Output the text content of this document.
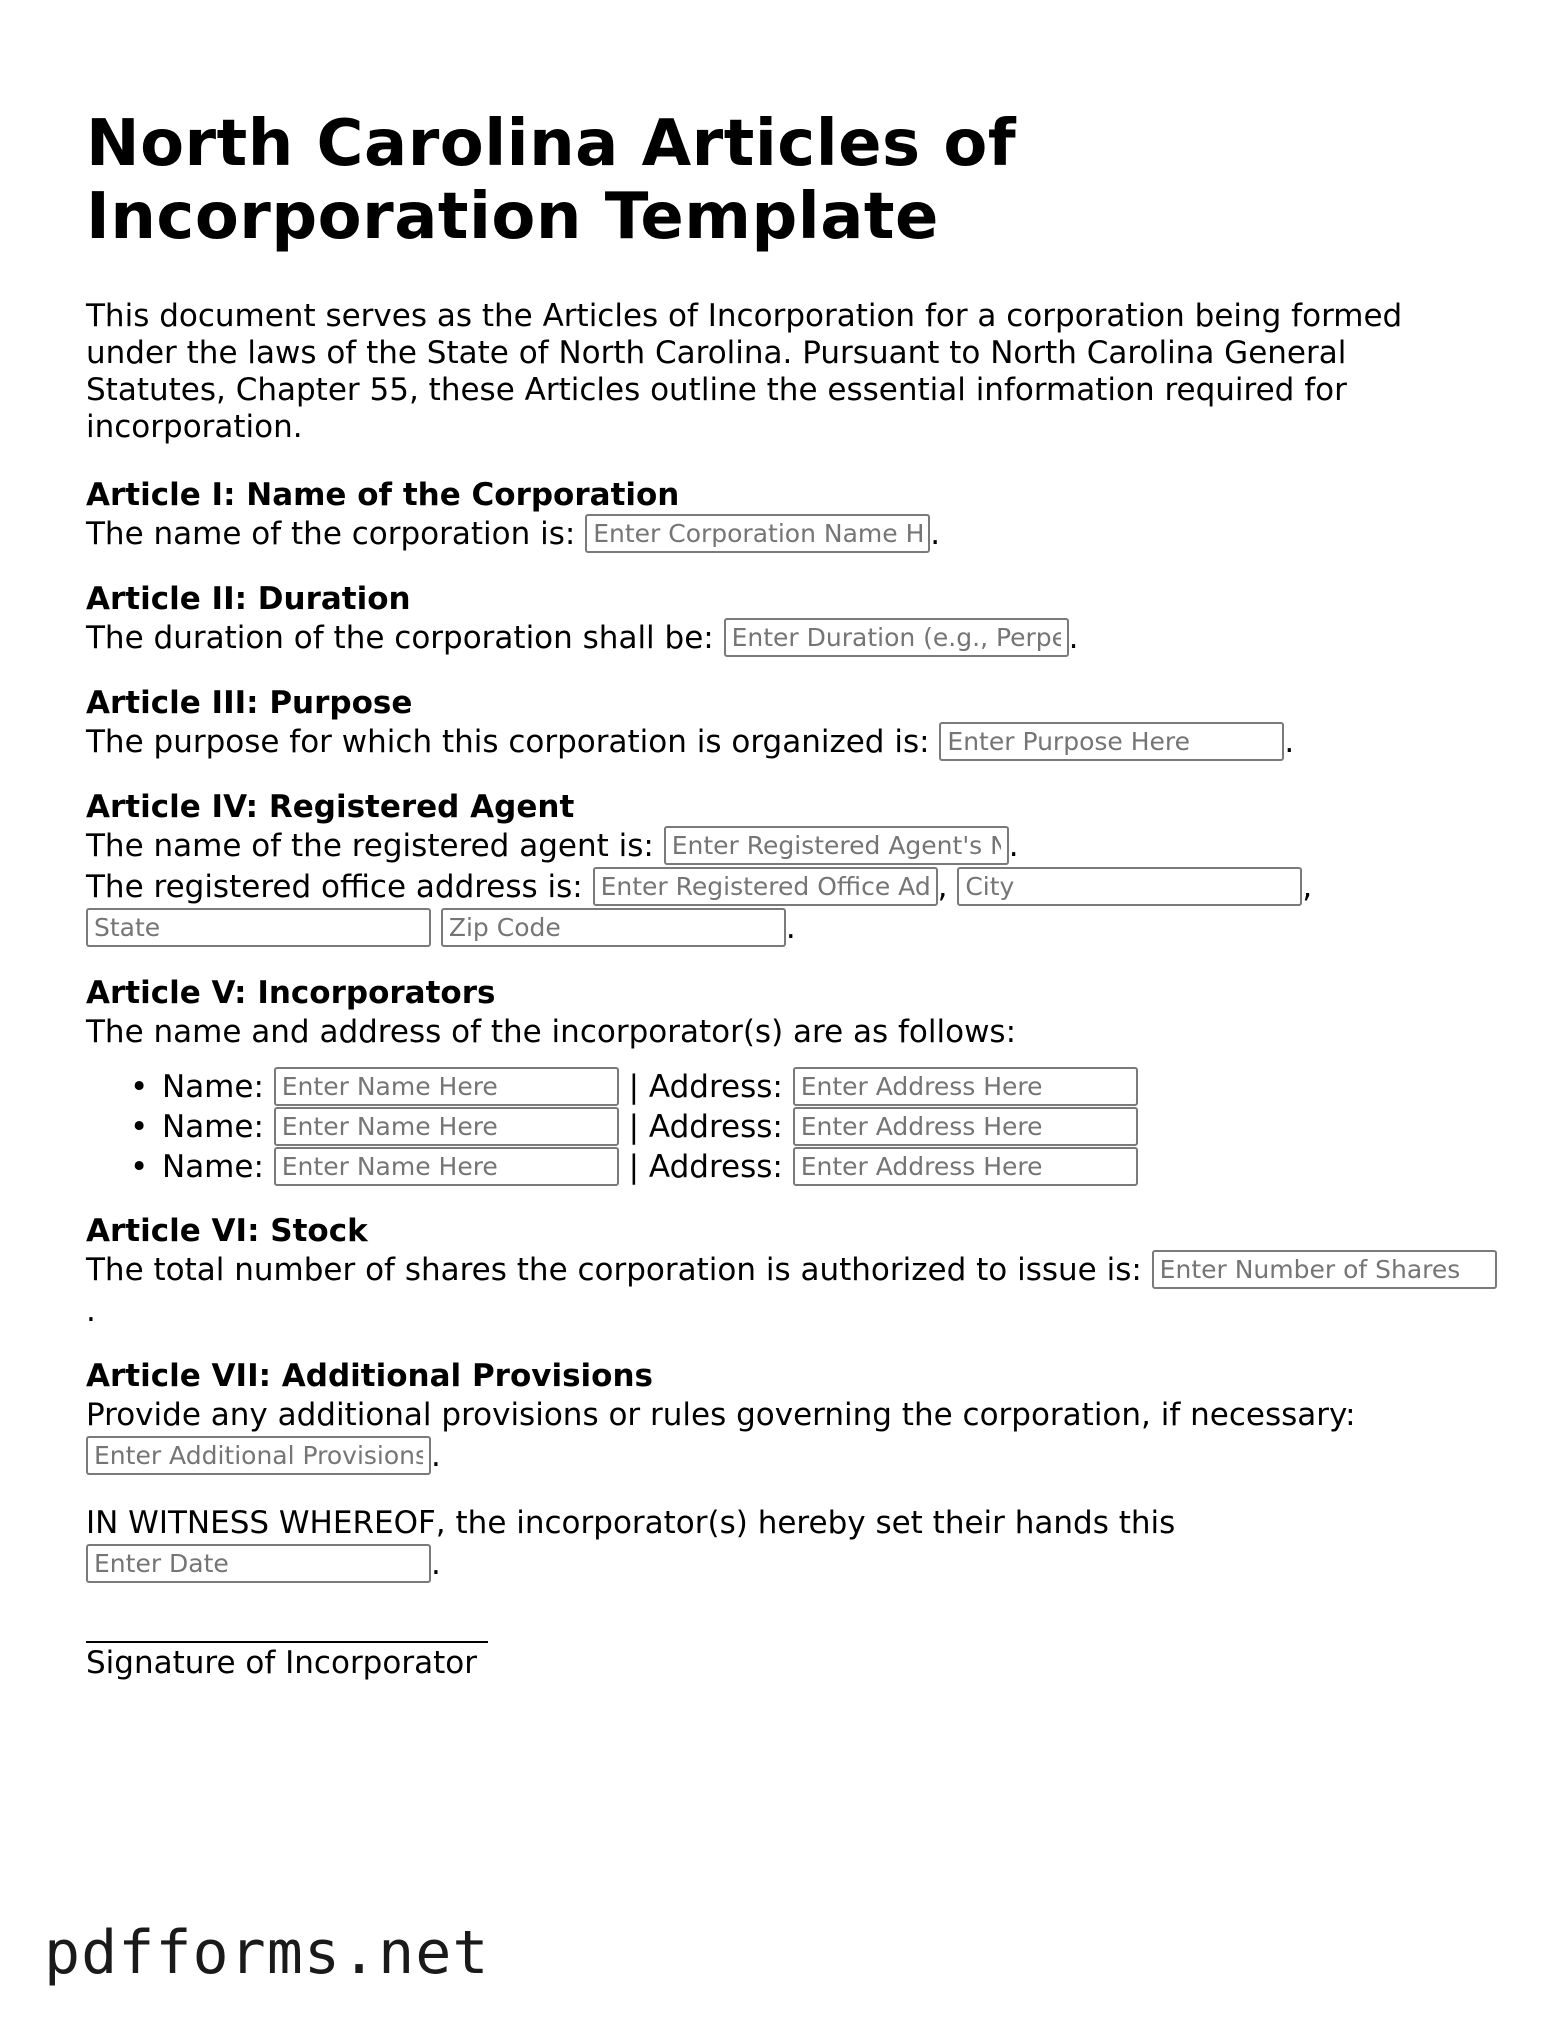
North Carolina Articles of Incorporation Template

This document serves as the Articles of Incorporation for a corporation being formed under the laws of the State of North Carolina. Pursuant to North Carolina General Statutes, Chapter 55, these Articles outline the essential information required for incorporation.

Article I: Name of the Corporation

The name of the corporation is: Enter Corporation Name Here	.

Article II: Duration

The duration of the corporation shall be: Enter Duration (e.g., Perpetual)	.

Article III: Purpose

The purpose for which this corporation is organized is: Enter Purpose Here	.

Article IV: Registered Agent

The name of the registered agent is: Enter Registered Agent's Name	.

The registered office address is: Enter Registered Office Address	, City	,

State Zip Code.

Article V: Incorporators

The name and address of the incorporator(s) are as follows:

• Name: Enter Name Here	| Address: Enter Address Here
• Name: Enter Name Here	| Address: Enter Address Here
• Name: Enter Name Here	| Address: Enter Address Here

Article VI: Stock

The total number of shares the corporation is authorized to issue is: Enter Number of Shares

.

Article VII: Additional Provisions

Provide any additional provisions or rules governing the corporation, if necessary:

Enter Additional Provisions.

IN WITNESS WHEREOF, the incorporator(s) hereby set their hands this

Enter Date.

Signature of Incorporator

pdfforms.net
